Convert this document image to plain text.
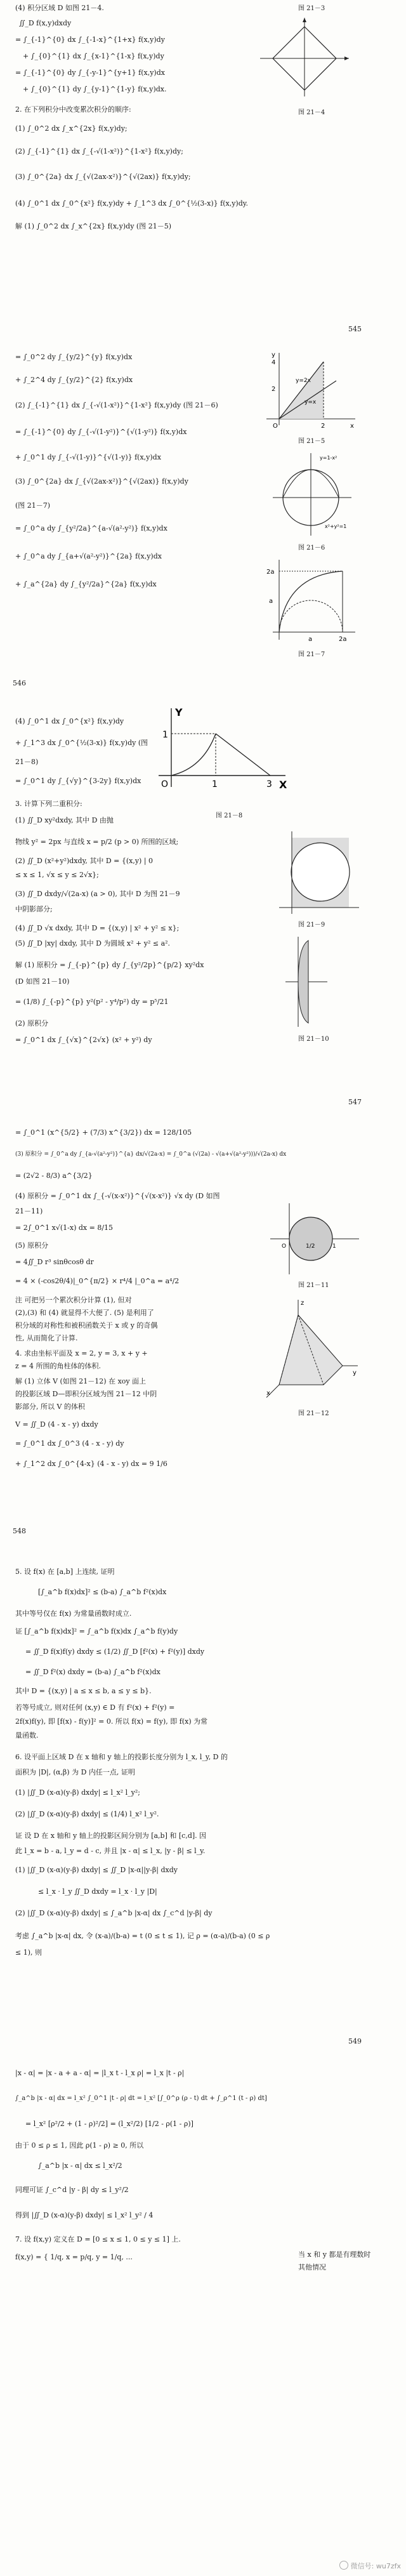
(4) 积分区域 D 如图 21－4.
∬_D f(x,y)dxdy
= ∫_{-1}^{0} dx ∫_{-1-x}^{1+x} f(x,y)dy
+ ∫_{0}^{1} dx ∫_{x-1}^{1-x} f(x,y)dy
= ∫_{-1}^{0} dy ∫_{-y-1}^{y+1} f(x,y)dx
+ ∫_{0}^{1} dy ∫_{y-1}^{1-y} f(x,y)dx.
2. 在下列积分中改变累次积分的顺序:
(1) ∫_0^2 dx ∫_x^{2x} f(x,y)dy;
(2) ∫_{-1}^{1} dx ∫_{-√(1-x²)}^{1-x²} f(x,y)dy;
(3) ∫_0^{2a} dx ∫_{√(2ax-x²)}^{√(2ax)} f(x,y)dy;
(4) ∫_0^1 dx ∫_0^{x²} f(x,y)dy + ∫_1^3 dx ∫_0^{½(3-x)} f(x,y)dy.
解 (1) ∫_0^2 dx ∫_x^{2x} f(x,y)dy (图 21－5)
图 21－3
图 21－4
545
= ∫_0^2 dy ∫_{y/2}^{y} f(x,y)dx
+ ∫_2^4 dy ∫_{y/2}^{2} f(x,y)dx
(2) ∫_{-1}^{1} dx ∫_{-√(1-x²)}^{1-x²} f(x,y)dy (图 21－6)
= ∫_{-1}^{0} dy ∫_{-√(1-y²)}^{√(1-y²)} f(x,y)dx
+ ∫_0^1 dy ∫_{-√(1-y)}^{√(1-y)} f(x,y)dx
(3) ∫_0^{2a} dx ∫_{√(2ax-x²)}^{√(2ax)} f(x,y)dy
(图 21－7)
= ∫_0^a dy ∫_{y²/2a}^{a-√(a²-y²)} f(x,y)dx
+ ∫_0^a dy ∫_{a+√(a²-y²)}^{2a} f(x,y)dx
+ ∫_a^{2a} dy ∫_{y²/2a}^{2a} f(x,y)dx
y
x
O
4
2
2
y=2x
y=x
图 21－5
y=1-x²
x²+y²=1
图 21－6
2a
a
a	2a
图 21－7
546
(4) ∫_0^1 dx ∫_0^{x²} f(x,y)dy
+ ∫_1^3 dx ∫_0^{½(3-x)} f(x,y)dy (图
21－8)
= ∫_0^1 dy ∫_{√y}^{3-2y} f(x,y)dx
3. 计算下列二重积分:
(1) ∬_D xy²dxdy, 其中 D 由抛
物线 y² = 2px 与直线 x = p/2 (p > 0) 所围的区域;
(2) ∬_D (x²+y²)dxdy, 其中 D = {(x,y) | 0
≤ x ≤ 1, √x ≤ y ≤ 2√x};
(3) ∬_D dxdy/√(2a-x) (a > 0), 其中 D 为图 21－9
中阴影部分;
(4) ∬_D √x dxdy, 其中 D = {(x,y) | x² + y² ≤ x};
(5) ∬_D |xy| dxdy, 其中 D 为圆域 x² + y² ≤ a².
解 (1) 原积分 = ∫_{-p}^{p} dy ∫_{y²/2p}^{p/2} xy²dx
(D 如图 21－10)
= (1/8) ∫_{-p}^{p} y²(p² - y⁴/p²) dy = p⁵/21
(2) 原积分
= ∫_0^1 dx ∫_{√x}^{2√x} (x² + y²) dy
Y
X
O	1	3
1
图 21－8
图 21－9
图 21－10
547
= ∫_0^1 (x^{5/2} + (7/3) x^{3/2}) dx = 128/105
(3) 原积分 = ∫_0^a dy ∫_{a-√(a²-y²)}^{a} dx/√(2a-x) = ∫_0^a (√(2a) - √(a+√(a²-y²)))/√(2a-x) dx
= (2√2 - 8/3) a^{3/2}
(4) 原积分 = ∫_0^1 dx ∫_{-√(x-x²)}^{√(x-x²)} √x dy (D 如图
21－11)
= 2∫_0^1 x√(1-x) dx = 8/15
(5) 原积分
= 4∬_D r³ sinθcosθ dr
= 4 × (-cos2θ/4)|_0^{π/2} × r⁴/4 |_0^a = a⁴/2
注 可把另一个累次积分计算 (1), 但对
(2),(3) 和 (4) 就显得不大便了. (5) 是利用了
积分域的对称性和被积函数关于 x 或 y 的奇偶
性, 从而简化了计算.
4. 求由坐标平面及 x = 2, y = 3, x + y +
z = 4 所围的角柱体的体积.
解 (1) 立体 V (如图 21－12) 在 xoy 面上
的投影区域 D—即积分区域为图 21－12 中阴
影部分, 所以 V 的体积
V = ∬_D (4 - x - y) dxdy
= ∫_0^1 dx ∫_0^3 (4 - x - y) dy
+ ∫_1^2 dx ∫_0^{4-x} (4 - x - y) dx = 9 1/6
O	1/2	1
图 21－11
z
y
x
图 21－12
548
5. 设 f(x) 在 [a,b] 上连续, 证明
[∫_a^b f(x)dx]² ≤ (b-a) ∫_a^b f²(x)dx
其中等号仅在 f(x) 为常量函数时成立.
证 [∫_a^b f(x)dx]² = ∫_a^b f(x)dx ∫_a^b f(y)dy
= ∬_D f(x)f(y) dxdy ≤ (1/2) ∬_D [f²(x) + f²(y)] dxdy
= ∬_D f²(x) dxdy = (b-a) ∫_a^b f²(x)dx
其中 D = {(x,y) | a ≤ x ≤ b, a ≤ y ≤ b}.
若等号成立, 则对任何 (x,y) ∈ D 有 f²(x) + f²(y) =
2f(x)f(y), 即 [f(x) - f(y)]² = 0. 所以 f(x) = f(y), 即 f(x) 为常
量函数.
6. 设平面上区域 D 在 x 轴和 y 轴上的投影长度分别为 l_x, l_y, D 的
面积为 |D|, (α,β) 为 D 内任一点, 证明
(1) |∬_D (x-α)(y-β) dxdy| ≤ l_x² l_y²;
(2) |∬_D (x-α)(y-β) dxdy| ≤ (1/4) l_x² l_y².
证 设 D 在 x 轴和 y 轴上的投影区间分别为 [a,b] 和 [c,d]. 因
此 l_x = b - a, l_y = d - c, 并且 |x - α| ≤ l_x, |y - β| ≤ l_y.
(1) |∬_D (x-α)(y-β) dxdy| ≤ ∬_D |x-α||y-β| dxdy
≤ l_x · l_y ∬_D dxdy = l_x · l_y |D|
(2) |∬_D (x-α)(y-β) dxdy| ≤ ∫_a^b |x-α| dx ∫_c^d |y-β| dy
考虑 ∫_a^b |x-α| dx, 令 (x-a)/(b-a) = t (0 ≤ t ≤ 1), 记 ρ = (α-a)/(b-a) (0 ≤ ρ
≤ 1), 则
549
|x - α| = |x - a + a - α| = |l_x t - l_x ρ| = l_x |t - ρ|
∫_a^b |x - α| dx = l_x² ∫_0^1 |t - ρ| dt = l_x² [∫_0^ρ (ρ - t) dt + ∫_ρ^1 (t - ρ) dt]
= l_x² [ρ²/2 + (1 - ρ)²/2] = (l_x²/2) [1/2 - ρ(1 - ρ)]
由于 0 ≤ ρ ≤ 1, 因此 ρ(1 - ρ) ≥ 0, 所以
∫_a^b |x - α| dx ≤ l_x²/2
同理可证 ∫_c^d |y - β| dy ≤ l_y²/2
得到 |∬_D (x-α)(y-β) dxdy| ≤ l_x² l_y² / 4
7. 设 f(x,y) 定义在 D = [0 ≤ x ≤ 1, 0 ≤ y ≤ 1] 上.
f(x,y) = { 1/q, x = p/q, y = 1/q, ...	当 x 和 y 都是有理数时
其他情况
微信号: wu7zfx
